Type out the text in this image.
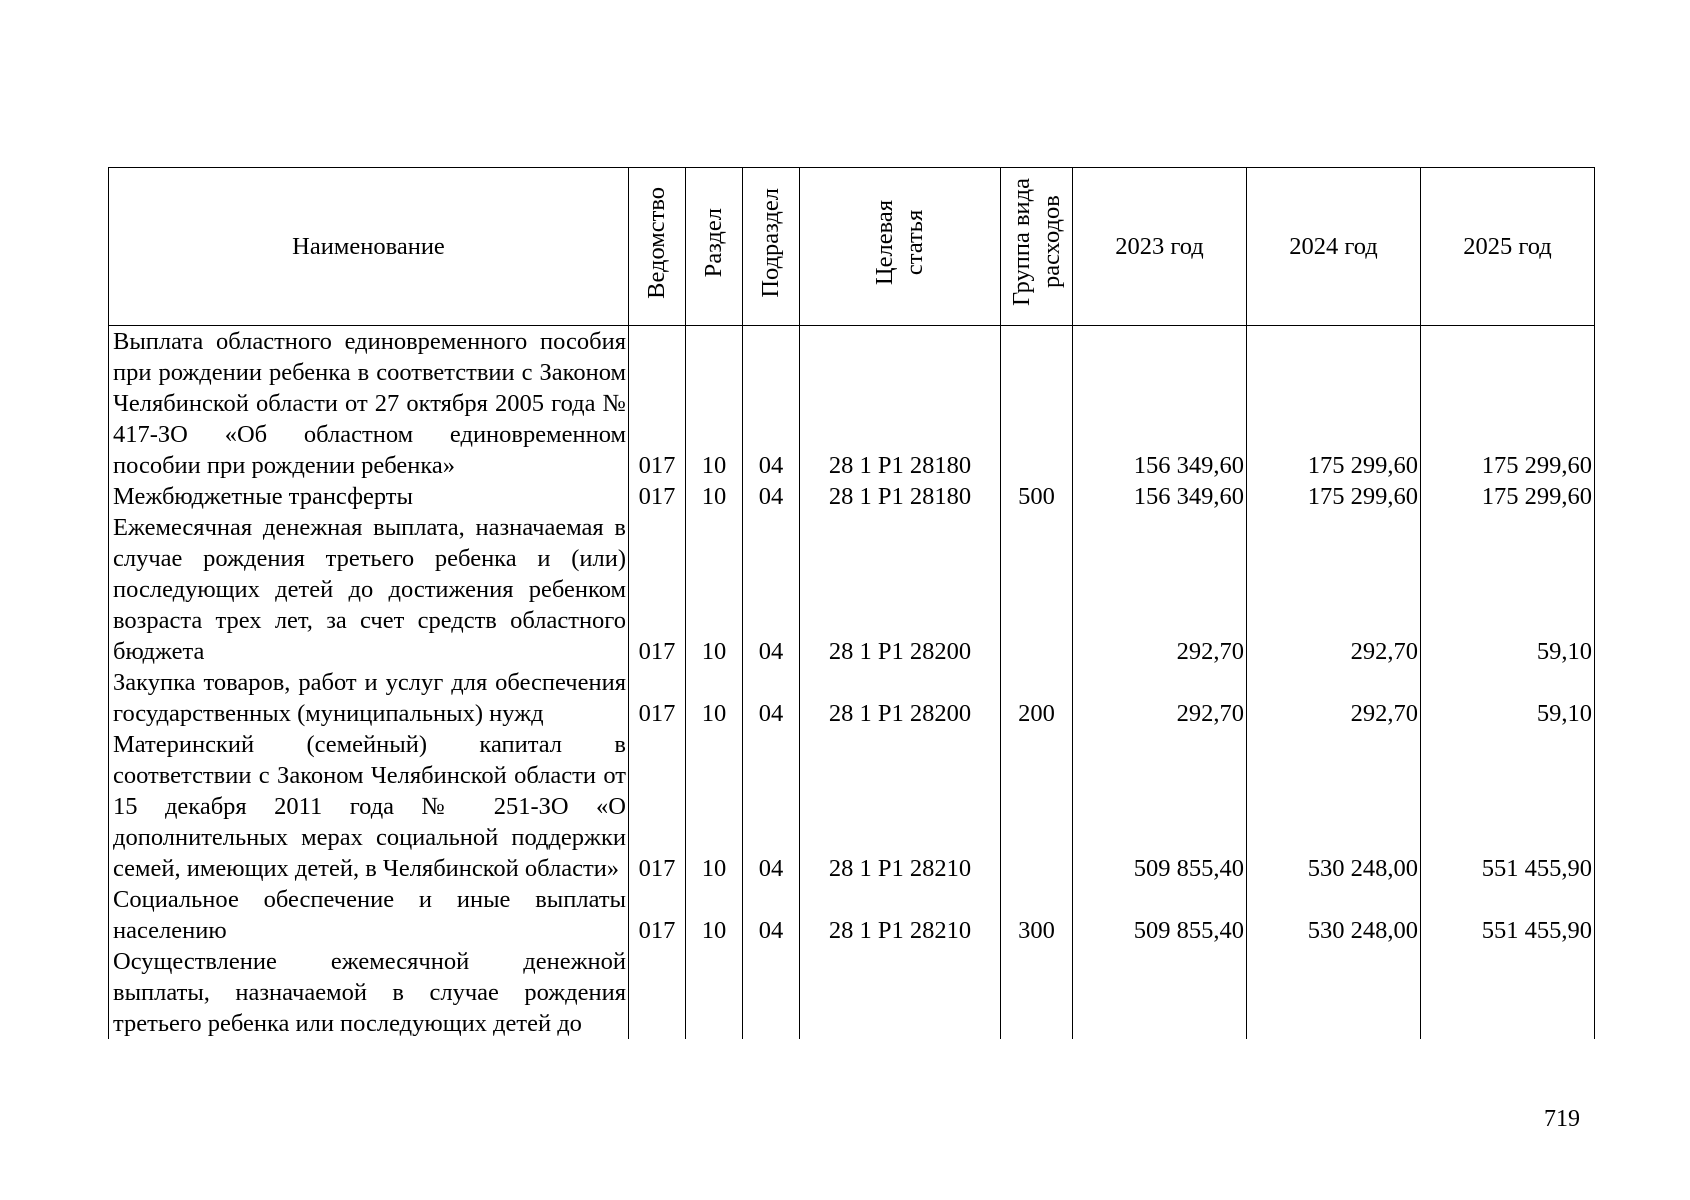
Наименование	Ведомство	Раздел	Подраздел	Целевая статья	Группа вида расходов	2023 год	2024 год	2025 год
Выплата областного единовременного пособия при рождении ребенка в соответствии с Законом Челябинской области от 27 октября 2005 года № 417-ЗО «Об областном единовременном пособии при рождении ребенка»	017	10	04	28 1 P1 28180		156 349,60	175 299,60	175 299,60
Межбюджетные трансферты	017	10	04	28 1 P1 28180	500	156 349,60	175 299,60	175 299,60
Ежемесячная денежная выплата, назначаемая в случае рождения третьего ребенка и (или) последующих детей до достижения ребенком возраста трех лет, за счет средств областного бюджета	017	10	04	28 1 P1 28200		292,70	292,70	59,10
Закупка товаров, работ и услуг для обеспечения государственных (муниципальных) нужд	017	10	04	28 1 P1 28200	200	292,70	292,70	59,10
Материнский (семейный) капитал в соответствии с Законом Челябинской области от 15 декабря 2011 года № 251-ЗО «О дополнительных мерах социальной поддержки семей, имеющих детей, в Челябинской области»	017	10	04	28 1 P1 28210		509 855,40	530 248,00	551 455,90
Социальное обеспечение и иные выплаты населению	017	10	04	28 1 P1 28210	300	509 855,40	530 248,00	551 455,90
Осуществление ежемесячной денежной выплаты, назначаемой в случае рождения третьего ребенка или последующих детей до								
719
